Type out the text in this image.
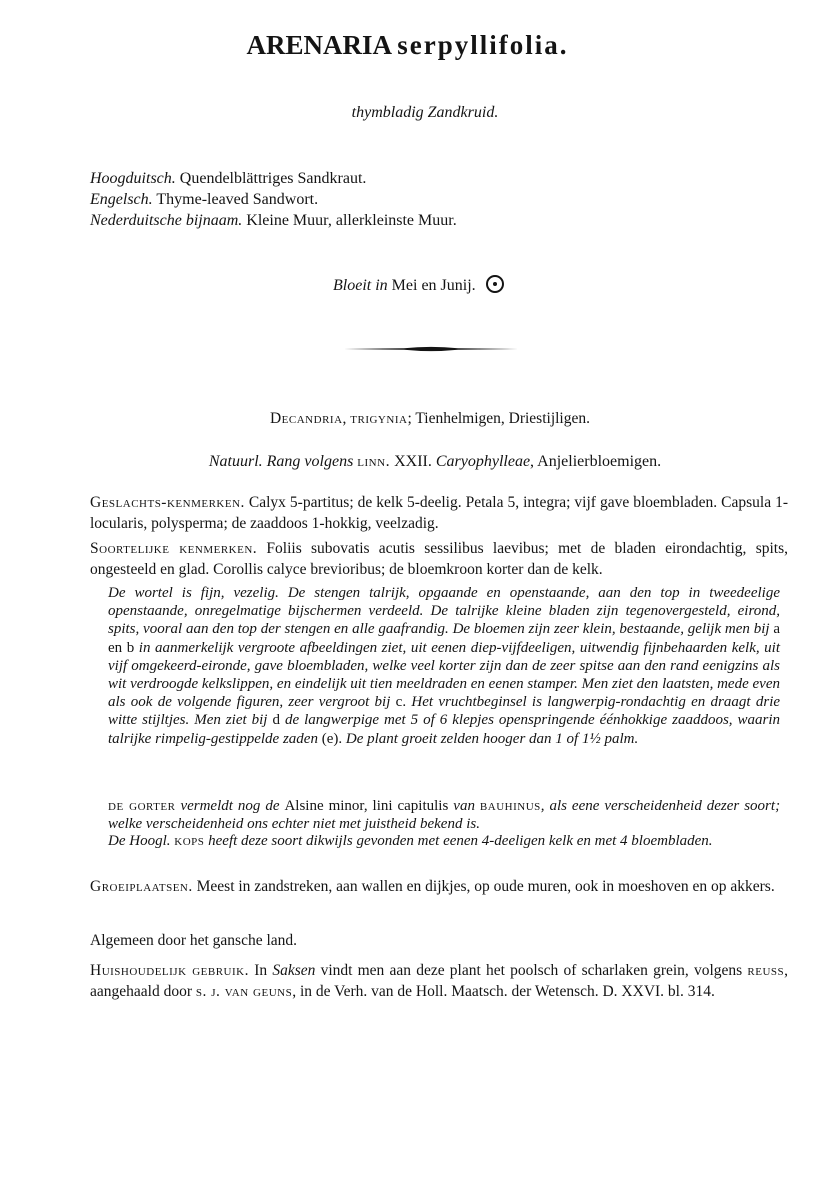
ARENARIA serpyllifolia.
thymbladig Zandkruid.
Hoogduitsch. Quendelblättriges Sandkraut.
Engelsch. Thyme-leaved Sandwort.
Nederduitsche bijnaam. Kleine Muur, allerkleinste Muur.
Bloeit in Mei en Junij.
Decandria, trigynia; Tienhelmigen, Driestijligen.
Natuurl. Rang volgens linn. XXII. Caryophylleae, Anjelierbloemigen.
Geslachts-kenmerken. Calyx 5-partitus; de kelk 5-deelig. Petala 5, integra; vijf gave bloembladen. Capsula 1-locularis, polysperma; de zaaddoos 1-hokkig, veelzadig.
Soortelijke kenmerken. Foliis subovatis acutis sessilibus laevibus; met de bladen eirondachtig, spits, ongesteeld en glad. Corollis calyce brevioribus; de bloemkroon korter dan de kelk.
De wortel is fijn, vezelig. De stengen talrijk, opgaande en openstaande, aan den top in tweedeelige openstaande, onregelmatige bijschermen verdeeld. De talrijke kleine bladen zijn tegenovergesteld, eirond, spits, vooral aan den top der stengen en alle gaafrandig. De bloemen zijn zeer klein, bestaande, gelijk men bij a en b in aanmerkelijk vergroote afbeeldingen ziet, uit eenen diep-vijfdeeligen, uitwendig fijnbehaarden kelk, uit vijf omgekeerd-eironde, gave bloembladen, welke veel korter zijn dan de zeer spitse aan den rand eenigzins als wit verdroogde kelkslippen, en eindelijk uit tien meeldraden en eenen stamper. Men ziet den laatsten, mede even als ook de volgende figuren, zeer vergroot bij c. Het vruchtbeginsel is langwerpig-rondachtig en draagt drie witte stijltjes. Men ziet bij d de langwerpige met 5 of 6 klepjes openspringende éénhokkige zaaddoos, waarin talrijke rimpelig-gestippelde zaden (e). De plant groeit zelden hooger dan 1 of 1½ palm.
de gorter vermeldt nog de Alsine minor, lini capitulis van bauhinus, als eene verscheidenheid dezer soort; welke verscheidenheid ons echter niet met juistheid bekend is.
De Hoogl. kops heeft deze soort dikwijls gevonden met eenen 4-deeligen kelk en met 4 bloembladen.
Groeiplaatsen. Meest in zandstreken, aan wallen en dijkjes, op oude muren, ook in moeshoven en op akkers.
Algemeen door het gansche land.
Huishoudelijk gebruik. In Saksen vindt men aan deze plant het poolsch of scharlaken grein, volgens reuss, aangehaald door s. j. van geuns, in de Verh. van de Holl. Maatsch. der Wetensch. D. XXVI. bl. 314.
